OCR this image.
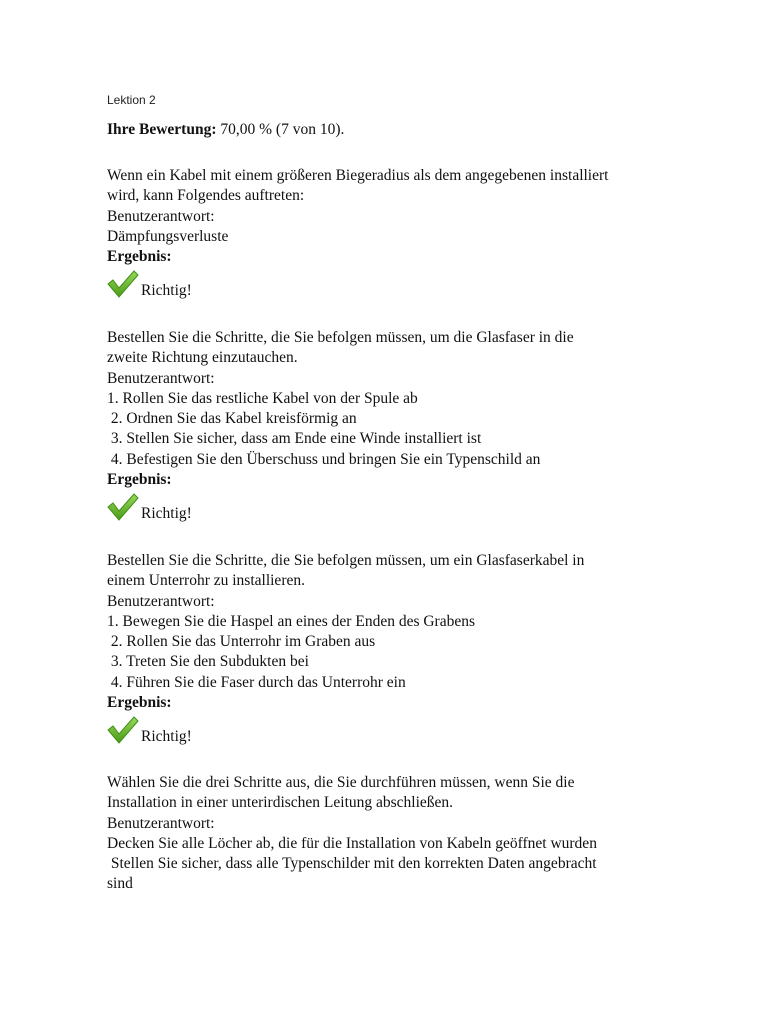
Lektion 2
Ihre Bewertung: 70,00 % (7 von 10).
Wenn ein Kabel mit einem größeren Biegeradius als dem angegebenen installiert
wird, kann Folgendes auftreten:
Benutzerantwort:
Dämpfungsverluste
Ergebnis:
Richtig!
Bestellen Sie die Schritte, die Sie befolgen müssen, um die Glasfaser in die
zweite Richtung einzutauchen.
Benutzerantwort:
1. Rollen Sie das restliche Kabel von der Spule ab
2. Ordnen Sie das Kabel kreisförmig an
3. Stellen Sie sicher, dass am Ende eine Winde installiert ist
4. Befestigen Sie den Überschuss und bringen Sie ein Typenschild an
Ergebnis:
Richtig!
Bestellen Sie die Schritte, die Sie befolgen müssen, um ein Glasfaserkabel in
einem Unterrohr zu installieren.
Benutzerantwort:
1. Bewegen Sie die Haspel an eines der Enden des Grabens
2. Rollen Sie das Unterrohr im Graben aus
3. Treten Sie den Subdukten bei
4. Führen Sie die Faser durch das Unterrohr ein
Ergebnis:
Richtig!
Wählen Sie die drei Schritte aus, die Sie durchführen müssen, wenn Sie die
Installation in einer unterirdischen Leitung abschließen.
Benutzerantwort:
Decken Sie alle Löcher ab, die für die Installation von Kabeln geöffnet wurden
Stellen Sie sicher, dass alle Typenschilder mit den korrekten Daten angebracht
sind
